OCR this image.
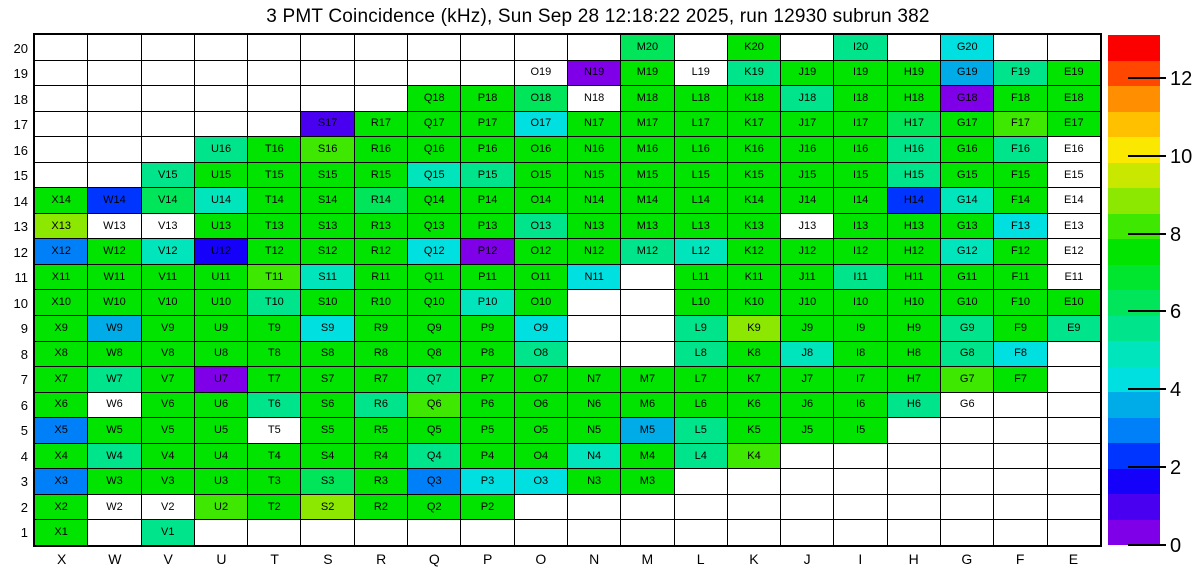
3 PMT Coincidence (kHz), Sun Sep 28 12:18:22 2025, run 12930 subrun 382
M20	K20	I20	G20
O19	N19	M19	L19	K19	J19	I19	H19	G19	F19	E19
Q18	P18	O18	N18	M18	L18	K18	J18	I18	H18	G18	F18	E18
S17	R17	Q17	P17	O17	N17	M17	L17	K17	J17	I17	H17	G17	F17	E17
U16	T16	S16	R16	Q16	P16	O16	N16	M16	L16	K16	J16	I16	H16	G16	F16	E16
V15	U15	T15	S15	R15	Q15	P15	O15	N15	M15	L15	K15	J15	I15	H15	G15	F15	E15
X14	W14	V14	U14	T14	S14	R14	Q14	P14	O14	N14	M14	L14	K14	J14	I14	H14	G14	F14	E14
X13	W13	V13	U13	T13	S13	R13	Q13	P13	O13	N13	M13	L13	K13	J13	I13	H13	G13	F13	E13
X12	W12	V12	U12	T12	S12	R12	Q12	P12	O12	N12	M12	L12	K12	J12	I12	H12	G12	F12	E12
X11	W11	V11	U11	T11	S11	R11	Q11	P11	O11	N11	L11	K11	J11	I11	H11	G11	F11	E11
X10	W10	V10	U10	T10	S10	R10	Q10	P10	O10	L10	K10	J10	I10	H10	G10	F10	E10
X9	W9	V9	U9	T9	S9	R9	Q9	P9	O9	L9	K9	J9	I9	H9	G9	F9	E9
X8	W8	V8	U8	T8	S8	R8	Q8	P8	O8	L8	K8	J8	I8	H8	G8	F8
X7	W7	V7	U7	T7	S7	R7	Q7	P7	O7	N7	M7	L7	K7	J7	I7	H7	G7	F7
X6	W6	V6	U6	T6	S6	R6	Q6	P6	O6	N6	M6	L6	K6	J6	I6	H6	G6
X5	W5	V5	U5	T5	S5	R5	Q5	P5	O5	N5	M5	L5	K5	J5	I5
X4	W4	V4	U4	T4	S4	R4	Q4	P4	O4	N4	M4	L4	K4
X3	W3	V3	U3	T3	S3	R3	Q3	P3	O3	N3	M3
X2	W2	V2	U2	T2	S2	R2	Q2	P2
X1	V1
20
19
18
17
16
15
14
13
12
11
10
9
8
7
6
5
4
3
2
1
X	W	V	U	T	S	R	Q	P	O	N	M	L	K	J	I	H	G	F	E
0
2
4
6
8
10
12
